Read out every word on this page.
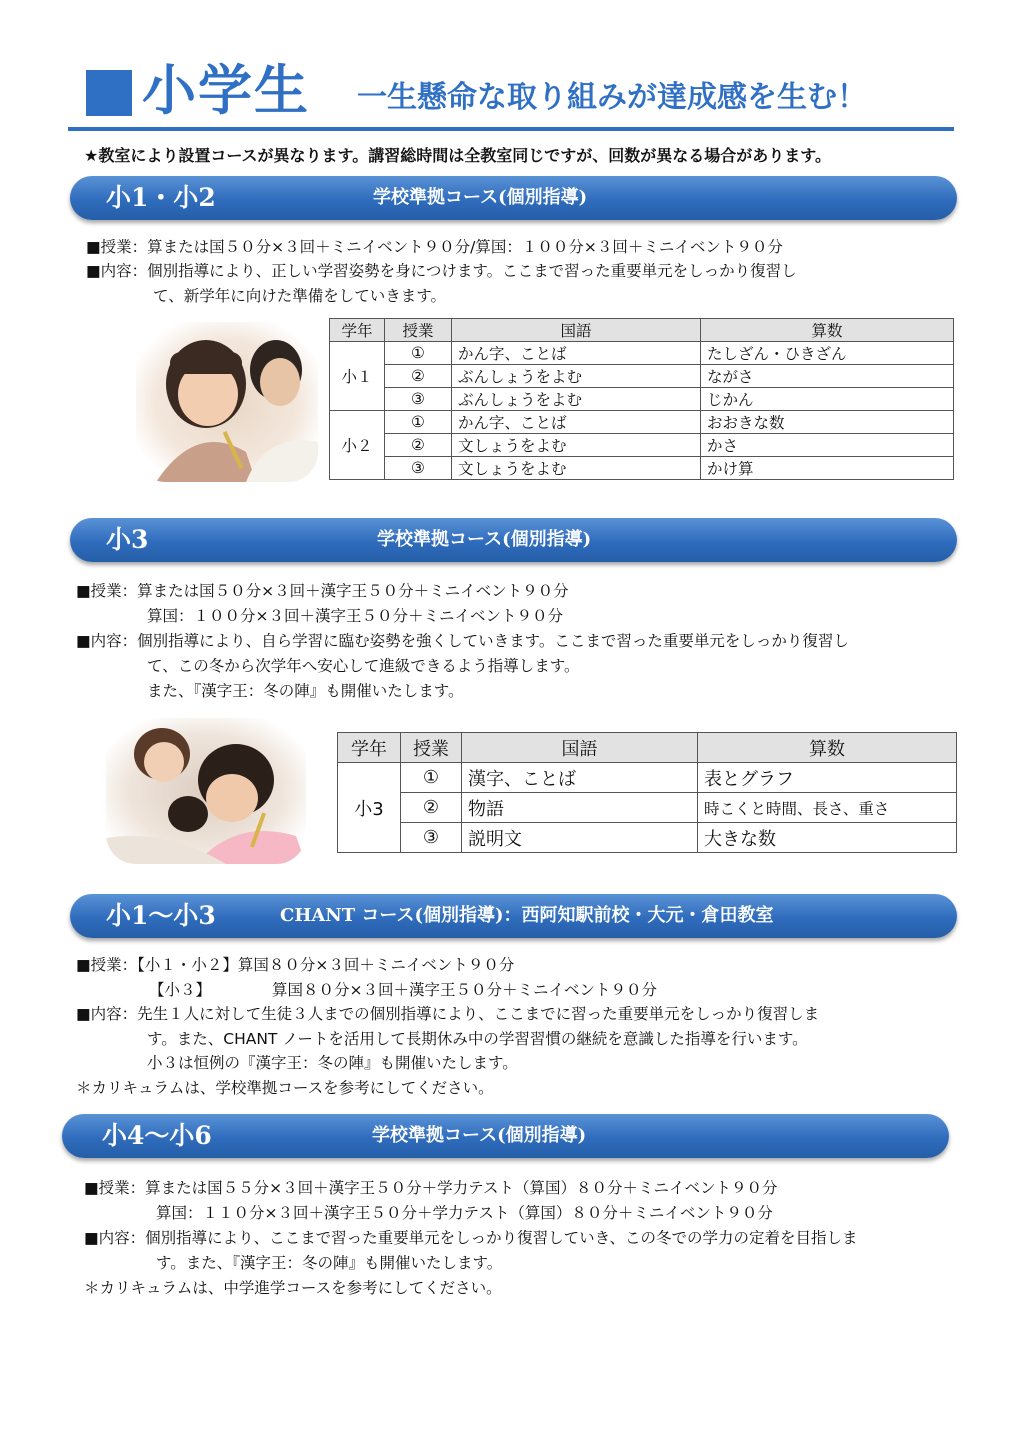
小学生 一生懸命な取り組みが達成感を生む！
★教室により設置コースが異なります。講習総時間は全教室同じですが、回数が異なる場合があります。
小1・小2	学校準拠コース(個別指導)
■授業：算または国５０分×３回＋ミニイベント９０分/算国：１００分×３回＋ミニイベント９０分
■内容：個別指導により、正しい学習姿勢を身につけます。ここまで習った重要単元をしっかり復習し
て、新学年に向けた準備をしていきます。
学年	授業	国語	算数
小１	①	かん字、ことば	たしざん・ひきざん
	②	ぶんしょうをよむ	ながさ
	③	ぶんしょうをよむ	じかん
小２	①	かん字、ことば	おおきな数
	②	文しょうをよむ	かさ
	③	文しょうをよむ	かけ算
小3	学校準拠コース(個別指導)
■授業：算または国５０分×３回＋漢字王５０分＋ミニイベント９０分
算国：１００分×３回＋漢字王５０分＋ミニイベント９０分
■内容：個別指導により、自ら学習に臨む姿勢を強くしていきます。ここまで習った重要単元をしっかり復習し
て、この冬から次学年へ安心して進級できるよう指導します。
また、『漢字王：冬の陣』も開催いたします。
学年	授業	国語	算数
小3	①	漢字、ことば	表とグラフ
	②	物語	時こくと時間、長さ、重さ
	③	説明文	大きな数
小1～小3	CHANT コース(個別指導)：西阿知駅前校・大元・倉田教室
■授業：【小１・小２】算国８０分×３回＋ミニイベント９０分
【小３】	算国８０分×３回＋漢字王５０分＋ミニイベント９０分
■内容：先生１人に対して生徒３人までの個別指導により、ここまでに習った重要単元をしっかり復習しま
す。また、CHANT ノートを活用して長期休み中の学習習慣の継続を意識した指導を行います。
小３は恒例の『漢字王：冬の陣』も開催いたします。
＊カリキュラムは、学校準拠コースを参考にしてください。
小4～小6	学校準拠コース(個別指導)
■授業：算または国５５分×３回＋漢字王５０分＋学力テスト（算国）８０分＋ミニイベント９０分
算国：１１０分×３回＋漢字王５０分＋学力テスト（算国）８０分＋ミニイベント９０分
■内容：個別指導により、ここまで習った重要単元をしっかり復習していき、この冬での学力の定着を目指しま
す。また、『漢字王：冬の陣』も開催いたします。
＊カリキュラムは、中学進学コースを参考にしてください。
